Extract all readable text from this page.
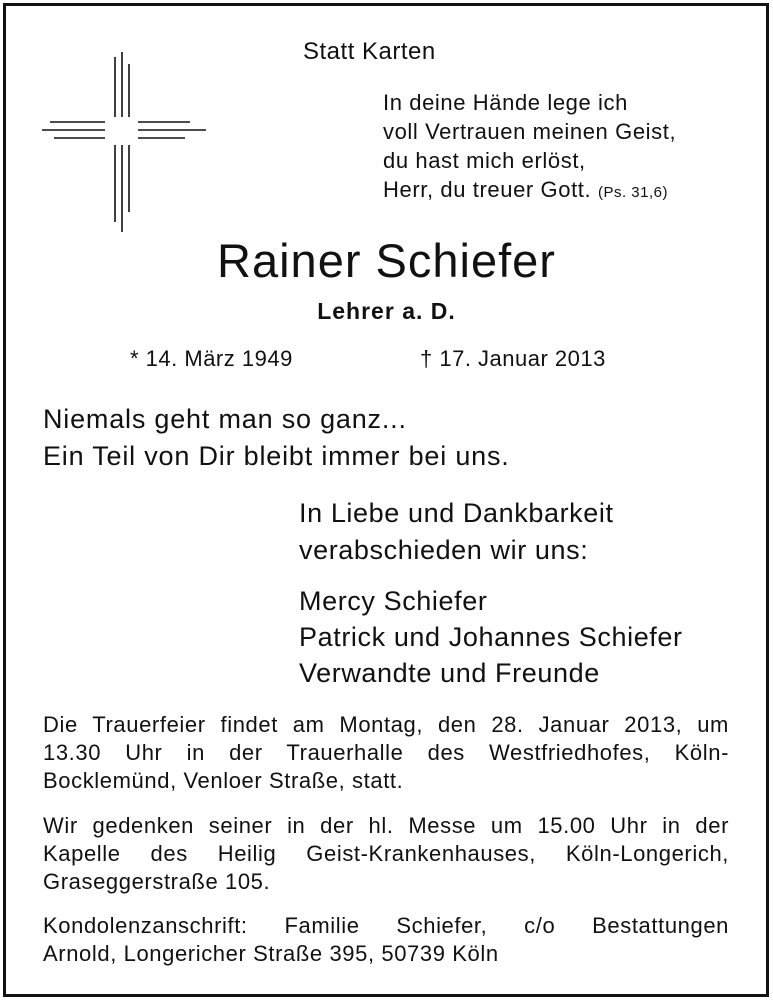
Statt Karten
In deine Hände lege ich
voll Vertrauen meinen Geist,
du hast mich erlöst,
Herr, du treuer Gott. (Ps. 31,6)
Rainer Schiefer
Lehrer a. D.
* 14. März 1949	† 17. Januar 2013
Niemals geht man so ganz...
Ein Teil von Dir bleibt immer bei uns.
In Liebe und Dankbarkeit
verabschieden wir uns:
Mercy Schiefer
Patrick und Johannes Schiefer
Verwandte und Freunde
Die Trauerfeier findet am Montag, den 28. Januar 2013, um
13.30 Uhr in der Trauerhalle des Westfriedhofes, Köln-
Bocklemünd, Venloer Straße, statt.
Wir gedenken seiner in der hl. Messe um 15.00 Uhr in der
Kapelle des Heilig Geist-Krankenhauses, Köln-Longerich,
Graseggerstraße 105.
Kondolenzanschrift: Familie Schiefer, c/o Bestattungen
Arnold, Longericher Straße 395, 50739 Köln
